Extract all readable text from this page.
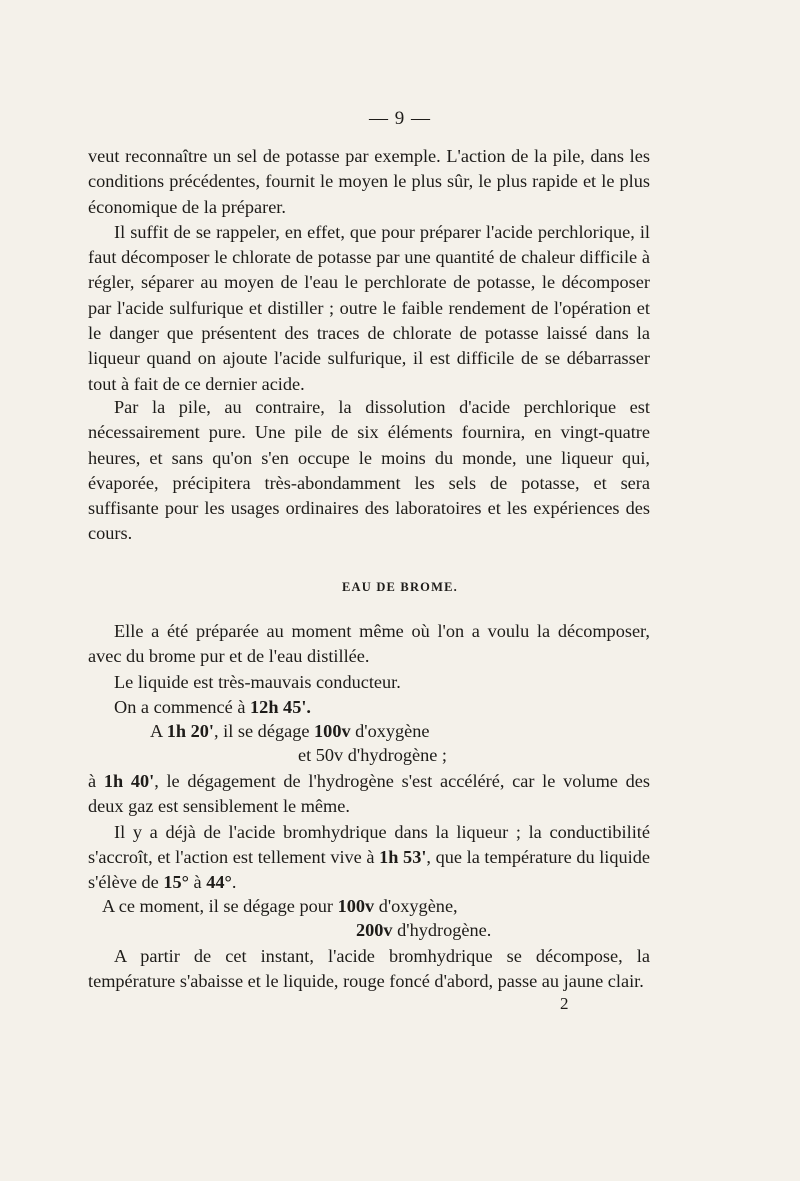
— 9 —

veut reconnaître un sel de potasse par exemple. L'action de la pile, dans les conditions précédentes, fournit le moyen le plus sûr, le plus rapide et le plus économique de la préparer.

Il suffit de se rappeler, en effet, que pour préparer l'acide perchlorique, il faut décomposer le chlorate de potasse par une quantité de chaleur difficile à régler, séparer au moyen de l'eau le perchlorate de potasse, le décomposer par l'acide sulfurique et distiller ; outre le faible rendement de l'opération et le danger que présentent des traces de chlorate de potasse laissé dans la liqueur quand on ajoute l'acide sulfurique, il est difficile de se débarrasser tout à fait de ce dernier acide.

Par la pile, au contraire, la dissolution d'acide perchlorique est nécessairement pure. Une pile de six éléments fournira, en vingt-quatre heures, et sans qu'on s'en occupe le moins du monde, une liqueur qui, évaporée, précipitera très-abondamment les sels de potasse, et sera suffisante pour les usages ordinaires des laboratoires et les expériences des cours.

EAU DE BROME.

Elle a été préparée au moment même où l'on a voulu la décomposer, avec du brome pur et de l'eau distillée.

Le liquide est très-mauvais conducteur.

On a commencé à 12h 45'.

A 1h 20', il se dégage 100v d'oxygène
et 50v d'hydrogène ;

à 1h 40', le dégagement de l'hydrogène s'est accéléré, car le volume des deux gaz est sensiblement le même.

Il y a déjà de l'acide bromhydrique dans la liqueur ; la conductibilité s'accroît, et l'action est tellement vive à 1h 53', que la température du liquide s'élève de 15° à 44°.

A ce moment, il se dégage pour 100v d'oxygène,
200v d'hydrogène.

A partir de cet instant, l'acide bromhydrique se décompose, la température s'abaisse et le liquide, rouge foncé d'abord, passe au jaune clair.

2
